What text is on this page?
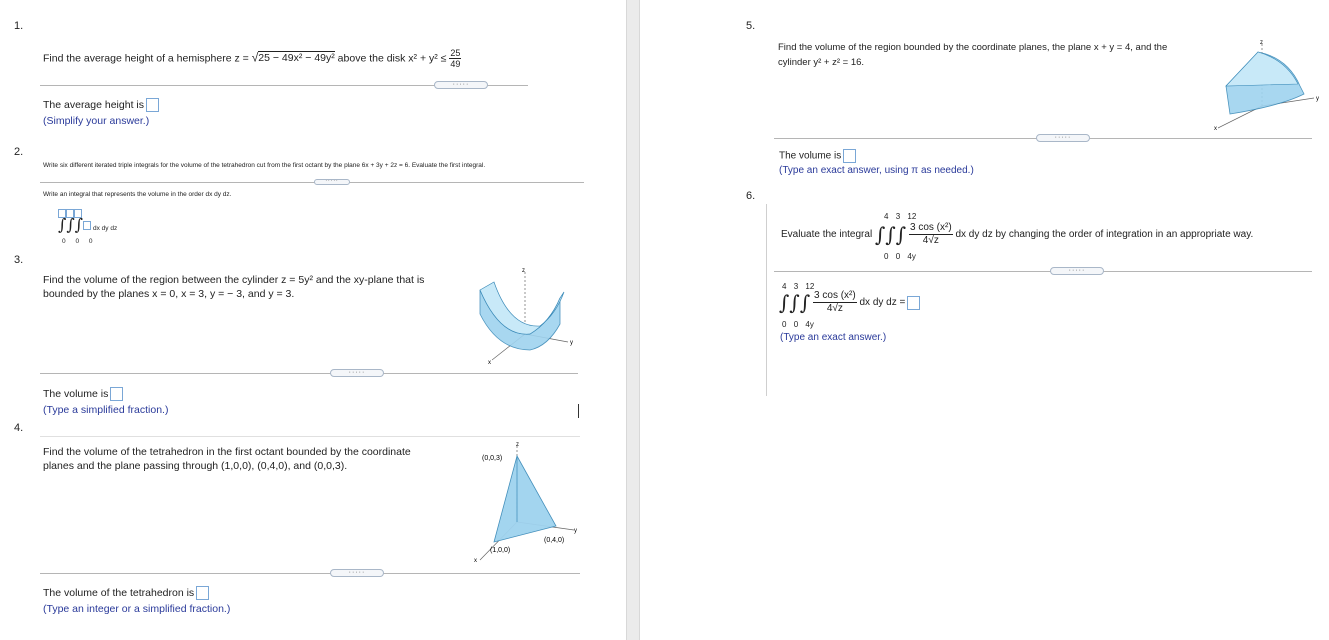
1.
Find the average height of a hemisphere z = √25 − 49x² − 49y² above the disk $x^2 + y^2 \le \frac{25}{49}$
·····
The average height is
(Simplify your answer.)
2.
Write six different iterated triple integrals for the volume of the tetrahedron cut from the first octant by the plane 6x + 3y + 2z = 6. Evaluate the first integral.
·····
Write an integral that represents the volume in the order dx dy dz.
∫∫∫ dx dy dz
0 0 0
3.
Find the volume of the region between the cylinder z = 5y² and the xy-plane that is
bounded by the planes x = 0, x = 3, y = − 3, and y = 3.
z
x
y
·····
The volume is
(Type a simplified fraction.)
4.
Find the volume of the tetrahedron in the first octant bounded by the coordinate
planes and the plane passing through (1,0,0), (0,4,0), and (0,0,3).
(0,0,3)
(0,4,0)
(1,0,0)
z
y
x
·····
The volume of the tetrahedron is
(Type an integer or a simplified fraction.)
5.
Find the volume of the region bounded by the coordinate planes, the plane x + y = 4, and the
cylinder y² + z² = 16.
z
y
x
·····
The volume is
(Type an exact answer, using π as needed.)
6.
4 3 12
Evaluate the integral ∫∫∫ $\frac{\text{3 cos (x²)}}{4√z}$ dx dy dz by changing the order of integration in an appropriate way.
0 0 4y
·····
4 3 12
∫∫∫ $\frac{\text{3 cos (x²)}}{4√z}$ dx dy dz =
0 0 4y
(Type an exact answer.)
